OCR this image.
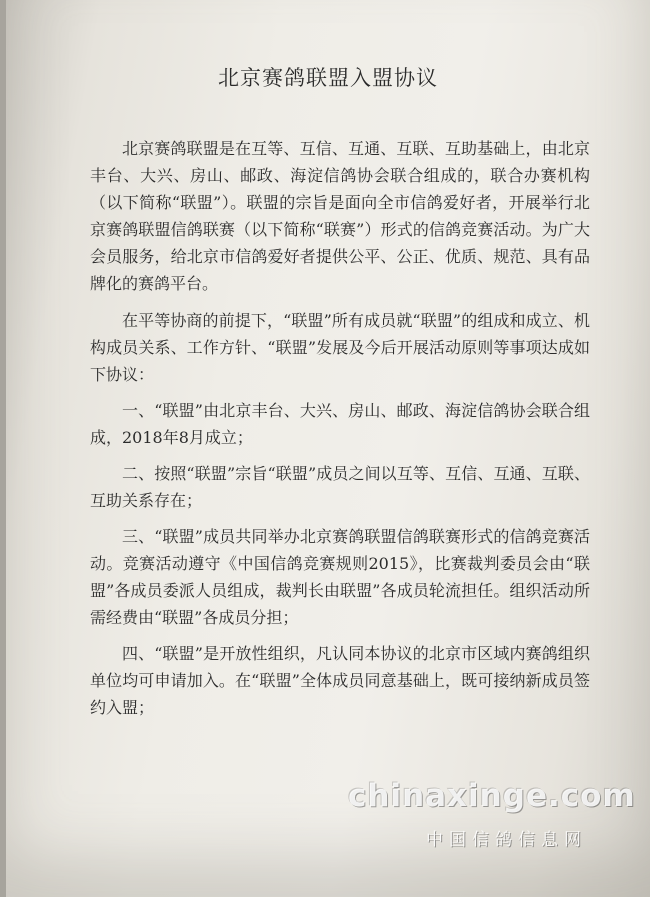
北京赛鸽联盟入盟协议

北京赛鸽联盟是在互等、互信、互通、互联、互助基础上，由北京丰台、大兴、房山、邮政、海淀信鸽协会联合组成的，联合办赛机构（以下简称“联盟”）。联盟的宗旨是面向全市信鸽爱好者，开展举行北京赛鸽联盟信鸽联赛（以下简称“联赛”）形式的信鸽竞赛活动。为广大会员服务，给北京市信鸽爱好者提供公平、公正、优质、规范、具有品牌化的赛鸽平台。

在平等协商的前提下，“联盟”所有成员就“联盟”的组成和成立、机构成员关系、工作方针、“联盟”发展及今后开展活动原则等事项达成如下协议：

一、“联盟”由北京丰台、大兴、房山、邮政、海淀信鸽协会联合组成，2018年8月成立；

二、按照“联盟”宗旨“联盟”成员之间以互等、互信、互通、互联、互助关系存在；

三、“联盟”成员共同举办北京赛鸽联盟信鸽联赛形式的信鸽竞赛活动。竞赛活动遵守《中国信鸽竞赛规则2015》，比赛裁判委员会由“联盟”各成员委派人员组成，裁判长由联盟”各成员轮流担任。组织活动所需经费由“联盟”各成员分担；

四、“联盟”是开放性组织，凡认同本协议的北京市区域内赛鸽组织单位均可申请加入。在“联盟”全体成员同意基础上，既可接纳新成员签约入盟；

chinaxinge.com
中国信鸽信息网
